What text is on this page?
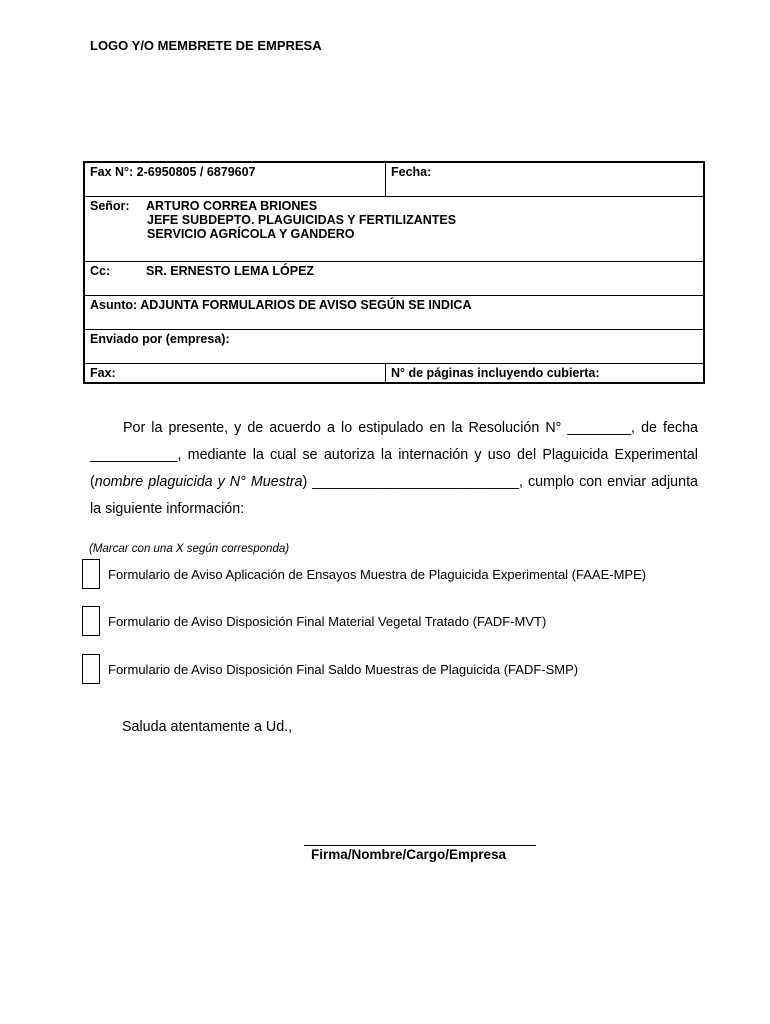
LOGO Y/O MEMBRETE DE EMPRESA
Fax N°: 2-6950805 / 6879607	Fecha:

Señor: ARTURO CORREA BRIONES
JEFE SUBDEPTO. PLAGUICIDAS Y FERTILIZANTES
SERVICIO AGRÍCOLA Y GANDERO	

Cc: SR. ERNESTO LEMA LÓPEZ	
Asunto: ADJUNTA FORMULARIOS DE AVISO SEGÚN SE INDICA	
Enviado por (empresa):	
Fax:	N° de páginas incluyendo cubierta:

Por la presente, y de acuerdo a lo estipulado en la Resolución N° ________, de fecha ___________, mediante la cual se autoriza la internación y uso del Plaguicida Experimental (nombre plaguicida y N° Muestra) __________________________, cumplo con enviar adjunta la siguiente información:

(Marcar con una X según corresponda)
Formulario de Aviso Aplicación de Ensayos Muestra de Plaguicida Experimental (FAAE-MPE)
Formulario de Aviso Disposición Final Material Vegetal Tratado (FADF-MVT)
Formulario de Aviso Disposición Final Saldo Muestras de Plaguicida (FADF-SMP)
Saluda atentamente a Ud.,
Firma/Nombre/Cargo/Empresa
